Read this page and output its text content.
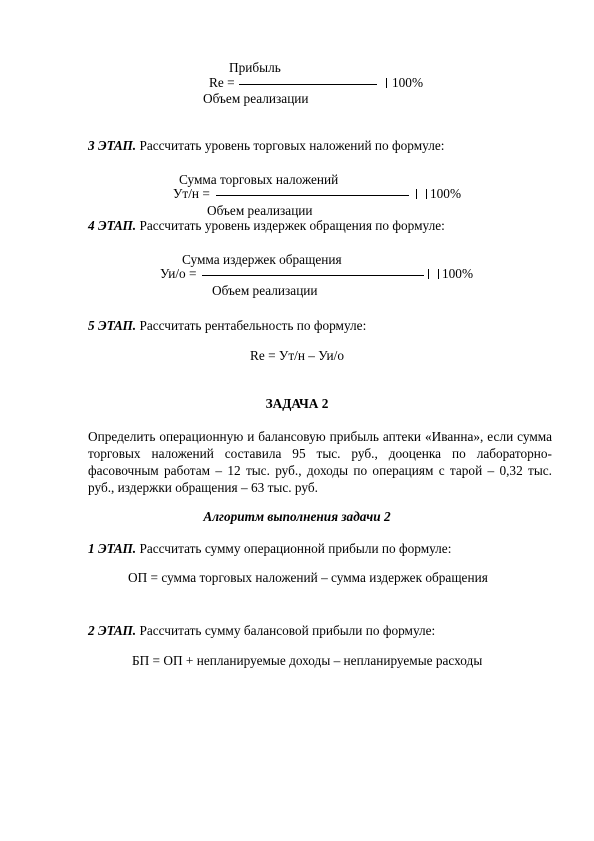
Прибыль
Re =	100%
Объем реализации
3 ЭТАП. Рассчитать уровень торговых наложений по формуле:
Сумма торговых наложений
Ут/н =	100%
Объем реализации
4 ЭТАП. Рассчитать уровень издержек обращения по формуле:
Сумма издержек обращения
Уи/о =	100%
Объем реализации
5 ЭТАП. Рассчитать рентабельность по формуле:
Re = Ут/н – Уи/о
ЗАДАЧА 2
Определить операционную и балансовую прибыль аптеки «Иванна», если сумма торговых наложений составила 95 тыс. руб., дооценка по лабораторно-фасовочным работам – 12 тыс. руб., доходы по операциям с тарой – 0,32 тыс. руб., издержки обращения – 63 тыс. руб.
Алгоритм выполнения задачи 2
1 ЭТАП. Рассчитать сумму операционной прибыли по формуле:
ОП = сумма торговых наложений – сумма издержек обращения
2 ЭТАП. Рассчитать сумму балансовой прибыли по формуле:
БП = ОП + непланируемые доходы – непланируемые расходы
